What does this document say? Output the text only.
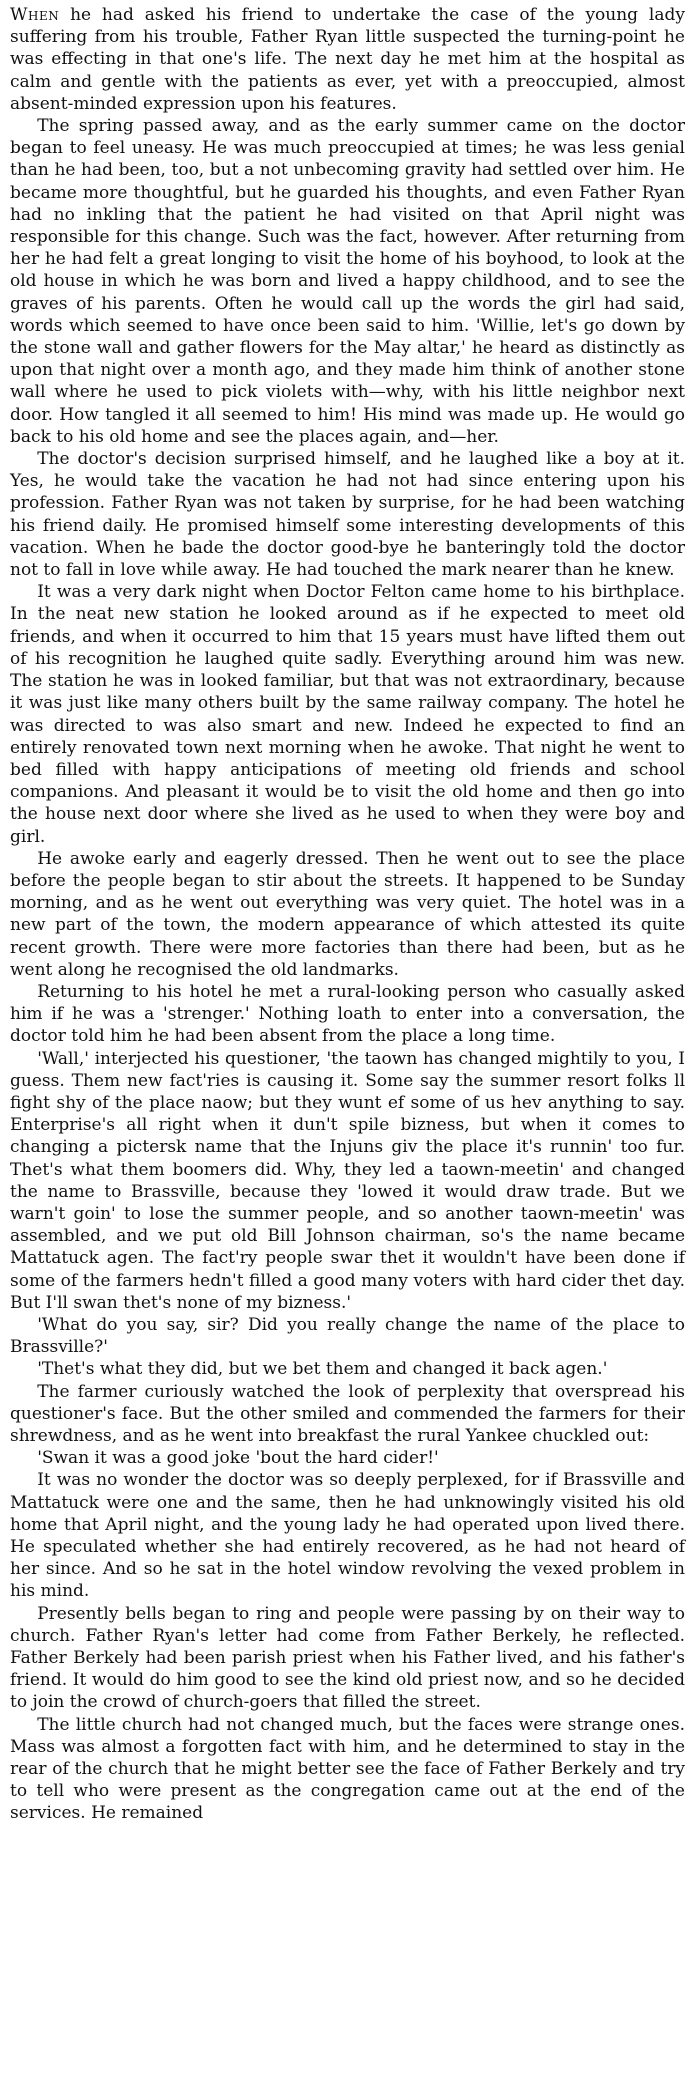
When he had asked his friend to undertake the case of the young lady suffering from his trouble, Father Ryan little suspected the turning-point he was effecting in that one's life. The next day he met him at the hospital as calm and gentle with the patients as ever, yet with a preoccupied, almost absent-minded expression upon his features.

The spring passed away, and as the early summer came on the doctor began to feel uneasy. He was much preoccupied at times; he was less genial than he had been, too, but a not unbecoming gravity had settled over him. He became more thoughtful, but he guarded his thoughts, and even Father Ryan had no inkling that the patient he had visited on that April night was responsible for this change. Such was the fact, however. After returning from her he had felt a great longing to visit the home of his boyhood, to look at the old house in which he was born and lived a happy childhood, and to see the graves of his parents. Often he would call up the words the girl had said, words which seemed to have once been said to him. 'Willie, let's go down by the stone wall and gather flowers for the May altar,' he heard as distinctly as upon that night over a month ago, and they made him think of another stone wall where he used to pick violets with—why, with his little neighbor next door. How tangled it all seemed to him! His mind was made up. He would go back to his old home and see the places again, and—her.

The doctor's decision surprised himself, and he laughed like a boy at it. Yes, he would take the vacation he had not had since entering upon his profession. Father Ryan was not taken by surprise, for he had been watching his friend daily. He promised himself some interesting developments of this vacation. When he bade the doctor good-bye he banteringly told the doctor not to fall in love while away. He had touched the mark nearer than he knew.

It was a very dark night when Doctor Felton came home to his birthplace. In the neat new station he looked around as if he expected to meet old friends, and when it occurred to him that 15 years must have lifted them out of his recognition he laughed quite sadly. Everything around him was new. The station he was in looked familiar, but that was not extraordinary, because it was just like many others built by the same railway company. The hotel he was directed to was also smart and new. Indeed he expected to find an entirely renovated town next morning when he awoke. That night he went to bed filled with happy anticipations of meeting old friends and school companions. And pleasant it would be to visit the old home and then go into the house next door where she lived as he used to when they were boy and girl.

He awoke early and eagerly dressed. Then he went out to see the place before the people began to stir about the streets. It happened to be Sunday morning, and as he went out everything was very quiet. The hotel was in a new part of the town, the modern appearance of which attested its quite recent growth. There were more factories than there had been, but as he went along he recognised the old landmarks.

Returning to his hotel he met a rural-looking person who casually asked him if he was a 'strenger.' Nothing loath to enter into a conversation, the doctor told him he had been absent from the place a long time.

'Wall,' interjected his questioner, 'the taown has changed mightily to you, I guess. Them new fact'ries is causing it. Some say the summer resort folks ll fight shy of the place naow; but they wunt ef some of us hev anything to say. Enterprise's all right when it dun't spile bizness, but when it comes to changing a pictersk name that the Injuns giv the place it's runnin' too fur. Thet's what them boomers did. Why, they led a taown-meetin' and changed the name to Brassville, because they 'lowed it would draw trade. But we warn't goin' to lose the summer people, and so another taown-meetin' was assembled, and we put old Bill Johnson chairman, so's the name became Mattatuck agen. The fact'ry people swar thet it wouldn't have been done if some of the farmers hedn't filled a good many voters with hard cider thet day. But I'll swan thet's none of my bizness.'

'What do you say, sir? Did you really change the name of the place to Brassville?'

'Thet's what they did, but we bet them and changed it back agen.'

The farmer curiously watched the look of perplexity that overspread his questioner's face. But the other smiled and commended the farmers for their shrewdness, and as he went into breakfast the rural Yankee chuckled out:

'Swan it was a good joke 'bout the hard cider!'

It was no wonder the doctor was so deeply perplexed, for if Brassville and Mattatuck were one and the same, then he had unknowingly visited his old home that April night, and the young lady he had operated upon lived there. He speculated whether she had entirely recovered, as he had not heard of her since. And so he sat in the hotel window revolving the vexed problem in his mind.

Presently bells began to ring and people were passing by on their way to church. Father Ryan's letter had come from Father Berkely, he reflected. Father Berkely had been parish priest when his Father lived, and his father's friend. It would do him good to see the kind old priest now, and so he decided to join the crowd of church-goers that filled the street.

The little church had not changed much, but the faces were strange ones. Mass was almost a forgotten fact with him, and he determined to stay in the rear of the church that he might better see the face of Father Berkely and try to tell who were present as the congregation came out at the end of the services. He remained
